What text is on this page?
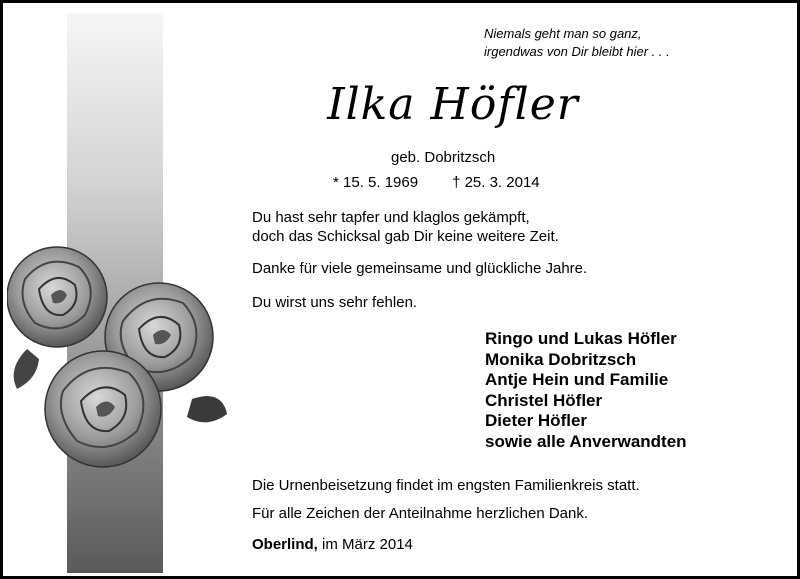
Niemals geht man so ganz,
irgendwas von Dir bleibt hier . . .
Ilka Höfler
geb. Dobritzsch
* 15. 5. 1969 † 25. 3. 2014
Du hast sehr tapfer und klaglos gekämpft,
doch das Schicksal gab Dir keine weitere Zeit.
Danke für viele gemeinsame und glückliche Jahre.
Du wirst uns sehr fehlen.
Ringo und Lukas Höfler
Monika Dobritzsch
Antje Hein und Familie
Christel Höfler
Dieter Höfler
sowie alle Anverwandten
Die Urnenbeisetzung findet im engsten Familienkreis statt.
Für alle Zeichen der Anteilnahme herzlichen Dank.
Oberlind, im März 2014
